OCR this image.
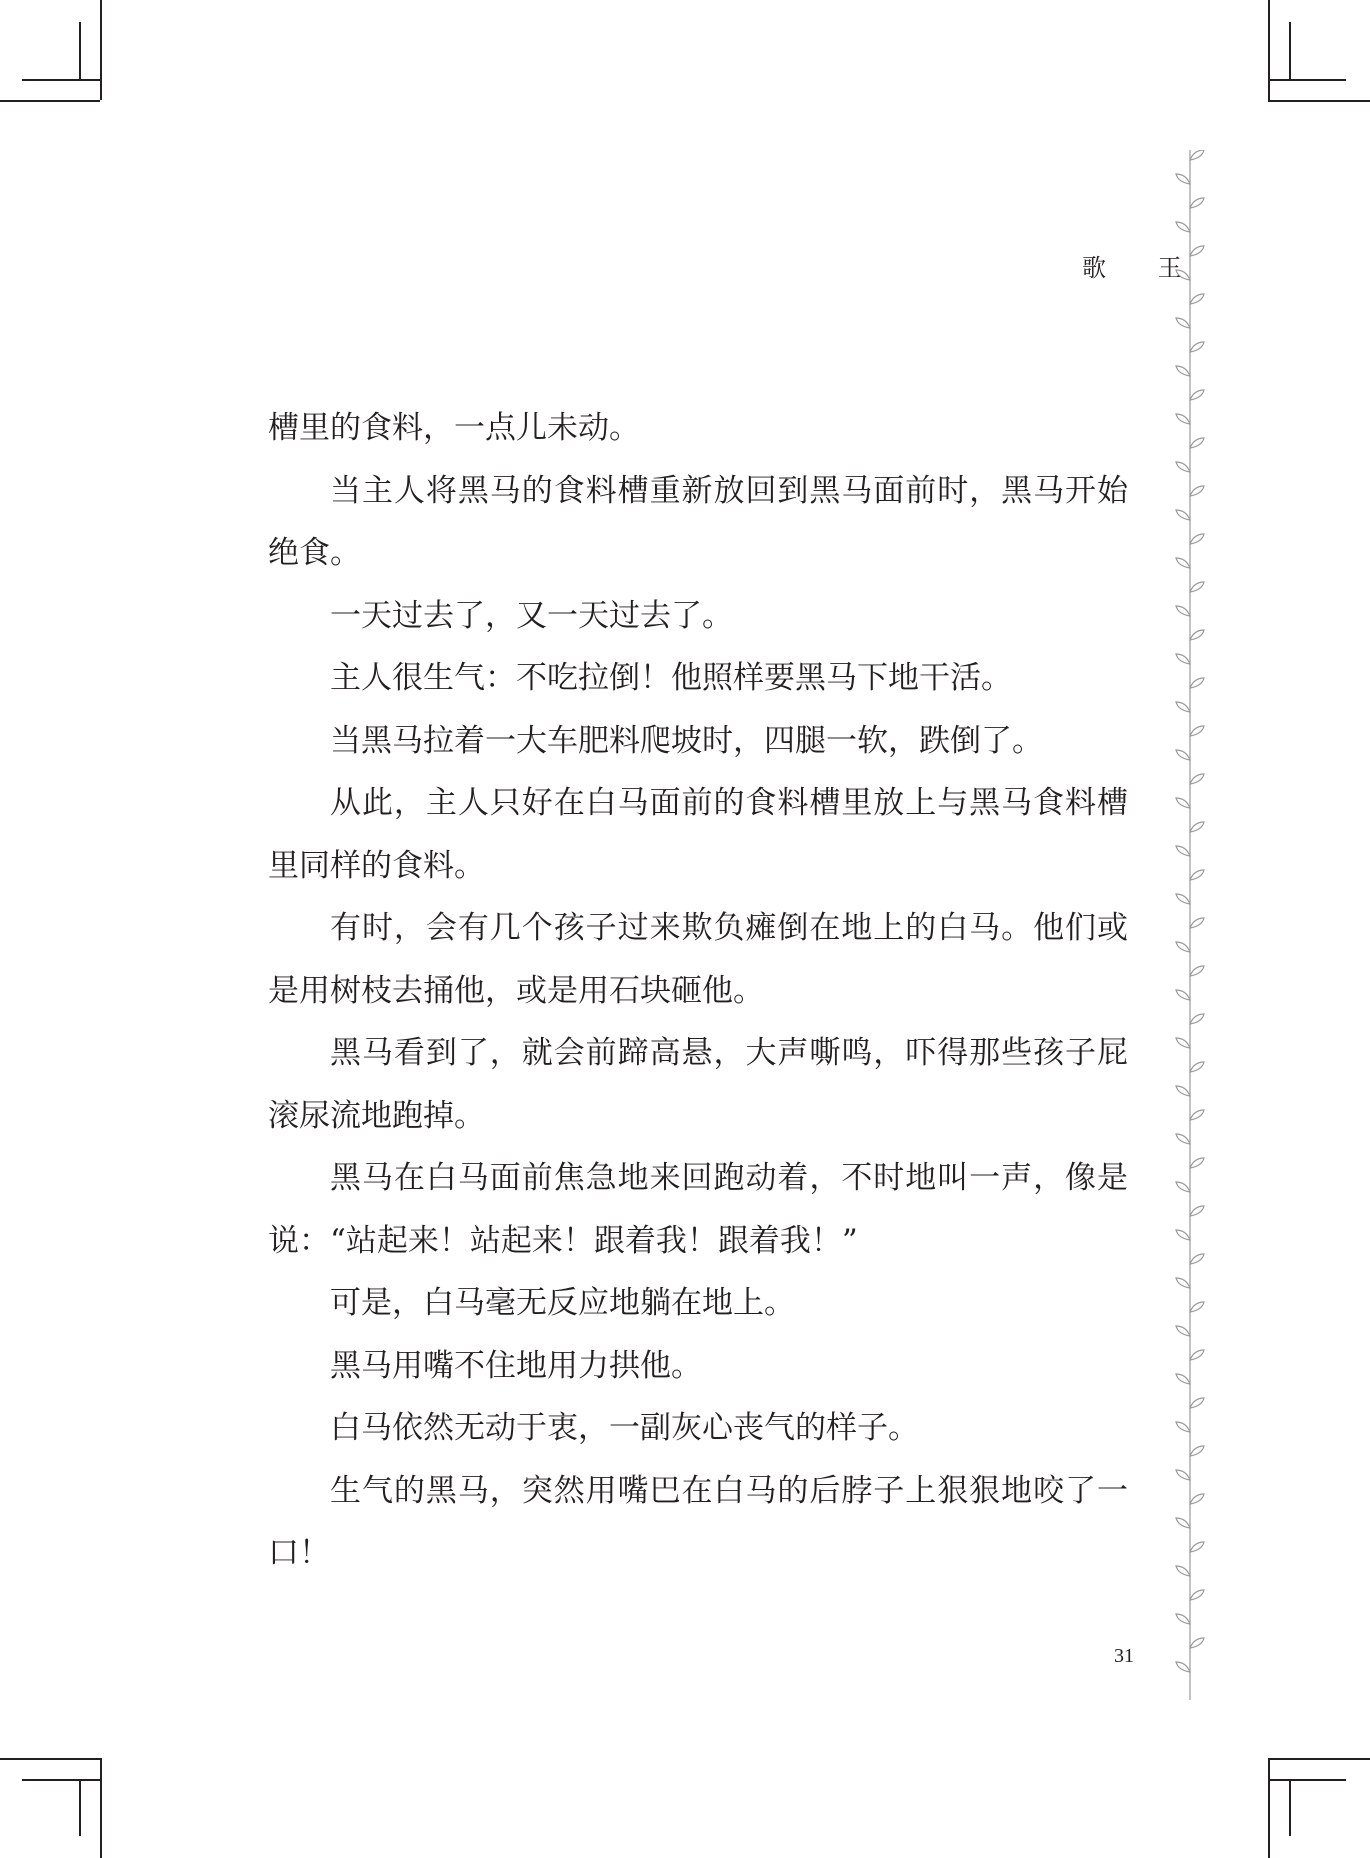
歌 王

槽里的食料，一点儿未动。

当主人将黑马的食料槽重新放回到黑马面前时，黑马开始绝食。

一天过去了，又一天过去了。

主人很生气：不吃拉倒！他照样要黑马下地干活。

当黑马拉着一大车肥料爬坡时，四腿一软，跌倒了。

从此，主人只好在白马面前的食料槽里放上与黑马食料槽里同样的食料。

有时，会有几个孩子过来欺负瘫倒在地上的白马。他们或是用树枝去捅他，或是用石块砸他。

黑马看到了，就会前蹄高悬，大声嘶鸣，吓得那些孩子屁滚尿流地跑掉。

黑马在白马面前焦急地来回跑动着，不时地叫一声，像是说：“站起来！站起来！跟着我！跟着我！”

可是，白马毫无反应地躺在地上。

黑马用嘴不住地用力拱他。

白马依然无动于衷，一副灰心丧气的样子。

生气的黑马，突然用嘴巴在白马的后脖子上狠狠地咬了一口！

31
